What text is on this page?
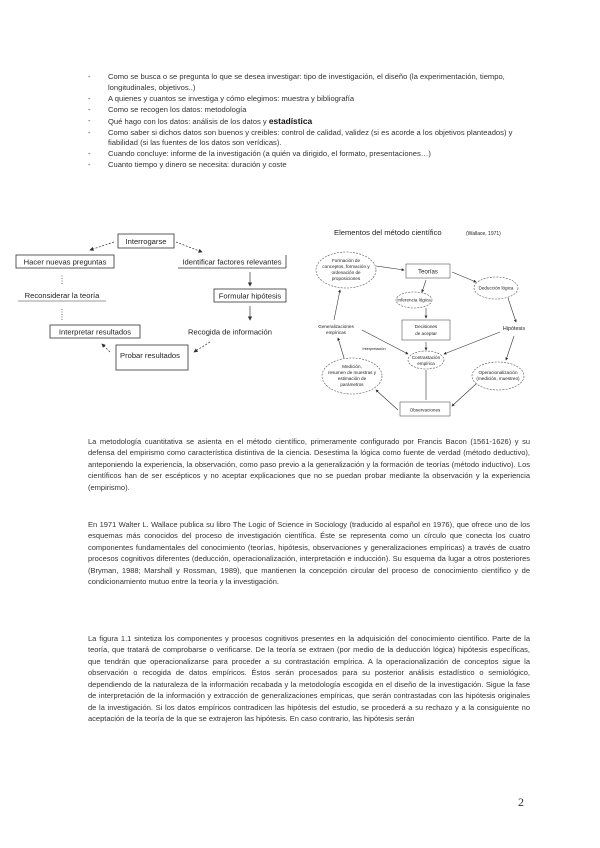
- Como se busca o se pregunta lo que se desea investigar: tipo de investigación, el diseño (la experimentación, tiempo, longitudinales, objetivos..)
- A quienes y cuantos se investiga y cómo elegimos: muestra y bibliografía
- Como se recogen los datos: metodología
- Qué hago con los datos: análisis de los datos y estadística
- Como saber si dichos datos son buenos y creibles: control de calidad, validez (si es acorde a los objetivos planteados) y fiabilidad (si las fuentes de los datos son verídicas).
- Cuando concluye: informe de la investigación (a quién va dirigido, el formato, presentaciones…)
- Cuanto tiempo y dinero se necesita: duración y coste
Interrogarse
Hacer nuevas preguntas	Identificar factores relevantes
Reconsiderar la teoría	Formular hipótesis
Interpretar resultados	Recogida de información
Probar resultados
Elementos del método científico	(Wallace, 1971)
Teorías
Formación de
conceptos, formación y
ordenación de
proposiciones
Deducción lógica
Inferencia lógica
Decisiones
de aceptar
Generalizaciones
empíricas
Hipótesis
Contrastación
empírica
Medición,
resumen de muestras y
estimación de
parámetros
Operacionalización
(medición, muestreo)
Observaciones
Interpretación

La metodología cuantitativa se asienta en el método científico, primeramente configurado por Francis Bacon (1561-1626) y su defensa del empirismo como característica distintiva de la ciencia. Desestima la lógica como fuente de verdad (método deductivo), anteponiendo la experiencia, la observación, como paso previo a la generalización y la formación de teorías (método inductivo). Los científicos han de ser escépticos y no aceptar explicaciones que no se puedan probar mediante la observación y la experiencia (empirismo).

En 1971 Walter L. Wallace publica su libro The Logic of Science in Sociology (traducido al español en 1976), que ofrece uno de los esquemas más conocidos del proceso de investigación científica. Éste se representa como un círculo que conecta los cuatro componentes fundamentales del conocimiento (teorías, hipótesis, observaciones y generalizaciones empíricas) a través de cuatro procesos cognitivos diferentes (deducción, operacionalización, interpretación e inducción). Su esquema da lugar a otros posteriores (Bryman, 1988; Marshall y Rossman, 1989), que mantienen la concepción circular del proceso de conocimiento científico y de condicionamiento mutuo entre la teoría y la investigación.

La figura 1.1 sintetiza los componentes y procesos cognitivos presentes en la adquisición del conocimiento científico. Parte de la teoría, que tratará de comprobarse o verificarse. De la teoría se extraen (por medio de la deducción lógica) hipótesis específicas, que tendrán que operacionalizarse para proceder a su contrastación empírica. A la operacionalización de conceptos sigue la observación o recogida de datos empíricos. Éstos serán procesados para su posterior análisis estadístico o semiológico, dependiendo de la naturaleza de la información recabada y la metodología escogida en el diseño de la investigación. Sigue la fase de interpretación de la información y extracción de generalizaciones empíricas, que serán contrastadas con las hipótesis originales de la investigación. Si los datos empíricos contradicen las hipótesis del estudio, se procederá a su rechazo y a la consiguiente no aceptación de la teoría de la que se extrajeron las hipótesis. En caso contrario, las hipótesis serán

2
